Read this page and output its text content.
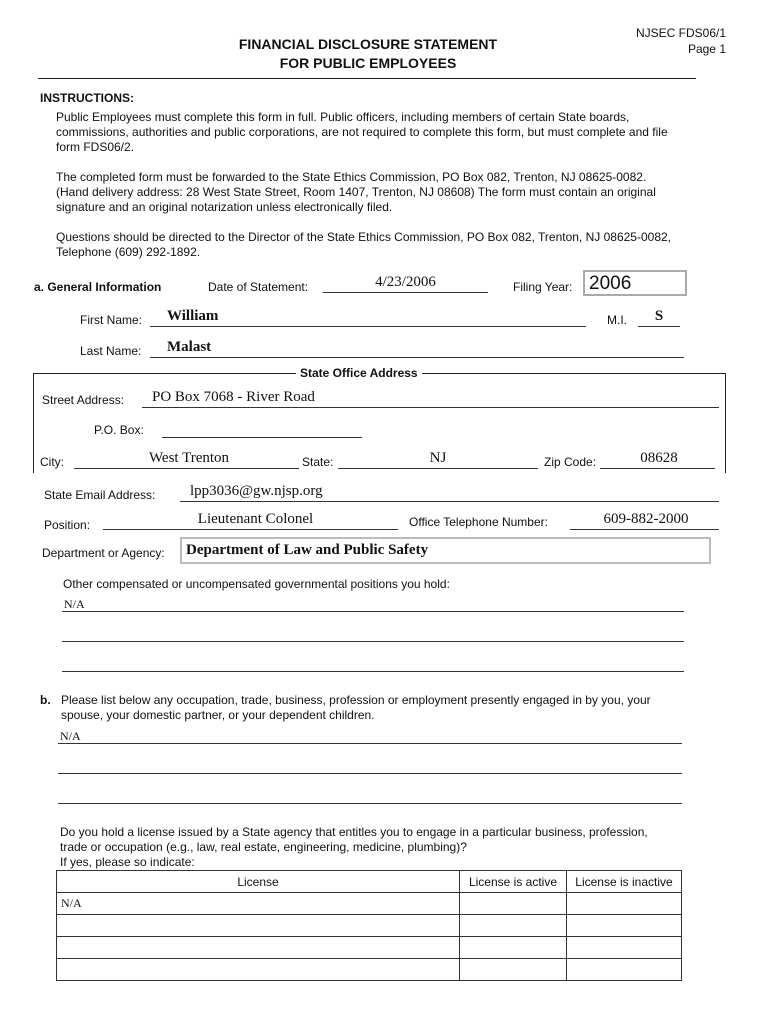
NJSEC FDS06/1
Page 1
FINANCIAL DISCLOSURE STATEMENT
FOR PUBLIC EMPLOYEES
INSTRUCTIONS:
Public Employees must complete this form in full. Public officers, including members of certain State boards,
commissions, authorities and public corporations, are not required to complete this form, but must complete and file
form FDS06/2.
The completed form must be forwarded to the State Ethics Commission, PO Box 082, Trenton, NJ 08625-0082.
(Hand delivery address: 28 West State Street, Room 1407, Trenton, NJ 08608) The form must contain an original
signature and an original notarization unless electronically filed.
Questions should be directed to the Director of the State Ethics Commission, PO Box 082, Trenton, NJ 08625-0082,
Telephone (609) 292-1892.
a. General Information	Date of Statement:	4/23/2006	Filing Year: 2006
First Name: William	M.I.	S
Last Name: Malast
State Office Address
Street Address: PO Box 7068 - River Road
P.O. Box:
City:	West Trenton	State:	NJ	Zip Code:	08628
State Email Address: lpp3036@gw.njsp.org
Position:	Lieutenant Colonel	Office Telephone Number:	609-882-2000
Department or Agency: Department of Law and Public Safety
Other compensated or uncompensated governmental positions you hold:
N/A
b. Please list below any occupation, trade, business, profession or employment presently engaged in by you, your
spouse, your domestic partner, or your dependent children.
N/A
Do you hold a license issued by a State agency that entitles you to engage in a particular business, profession,
trade or occupation (e.g., law, real estate, engineering, medicine, plumbing)?
If yes, please so indicate:
License	License is active	License is inactive
N/A		
